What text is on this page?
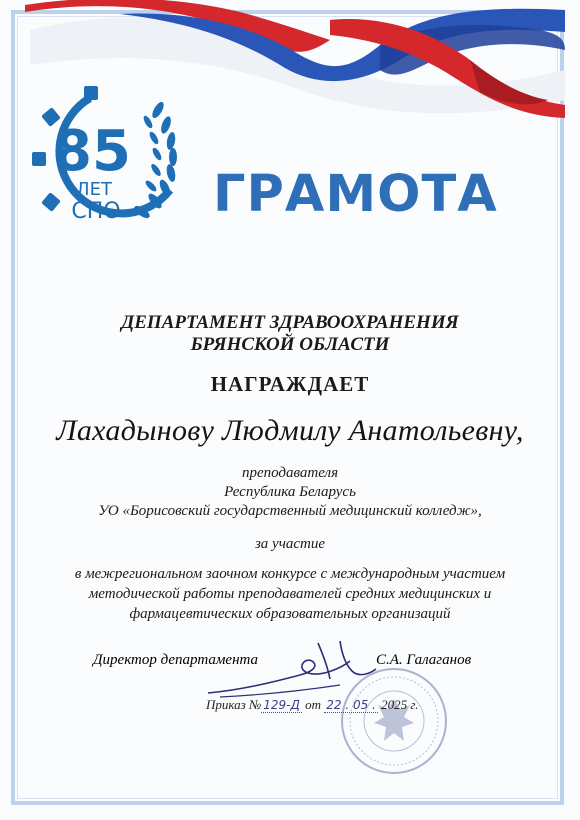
85
ЛЕТ
СПО ГРАМОТА
ДЕПАРТАМЕНТ ЗДРАВООХРАНЕНИЯ
БРЯНСКОЙ ОБЛАСТИ
НАГРАЖДАЕТ
Лахадынову Людмилу Анатольевну,
преподавателя
Республика Беларусь
УО «Борисовский государственный медицинский колледж»,
за участие
в межрегиональном заочном конкурсе с международным участием
методической работы преподавателей средних медицинских и
фармацевтических образовательных организаций
Директор департамента	С.А. Галаганов
Приказ № 129-Д от 22 . 05 . 2025 г.
